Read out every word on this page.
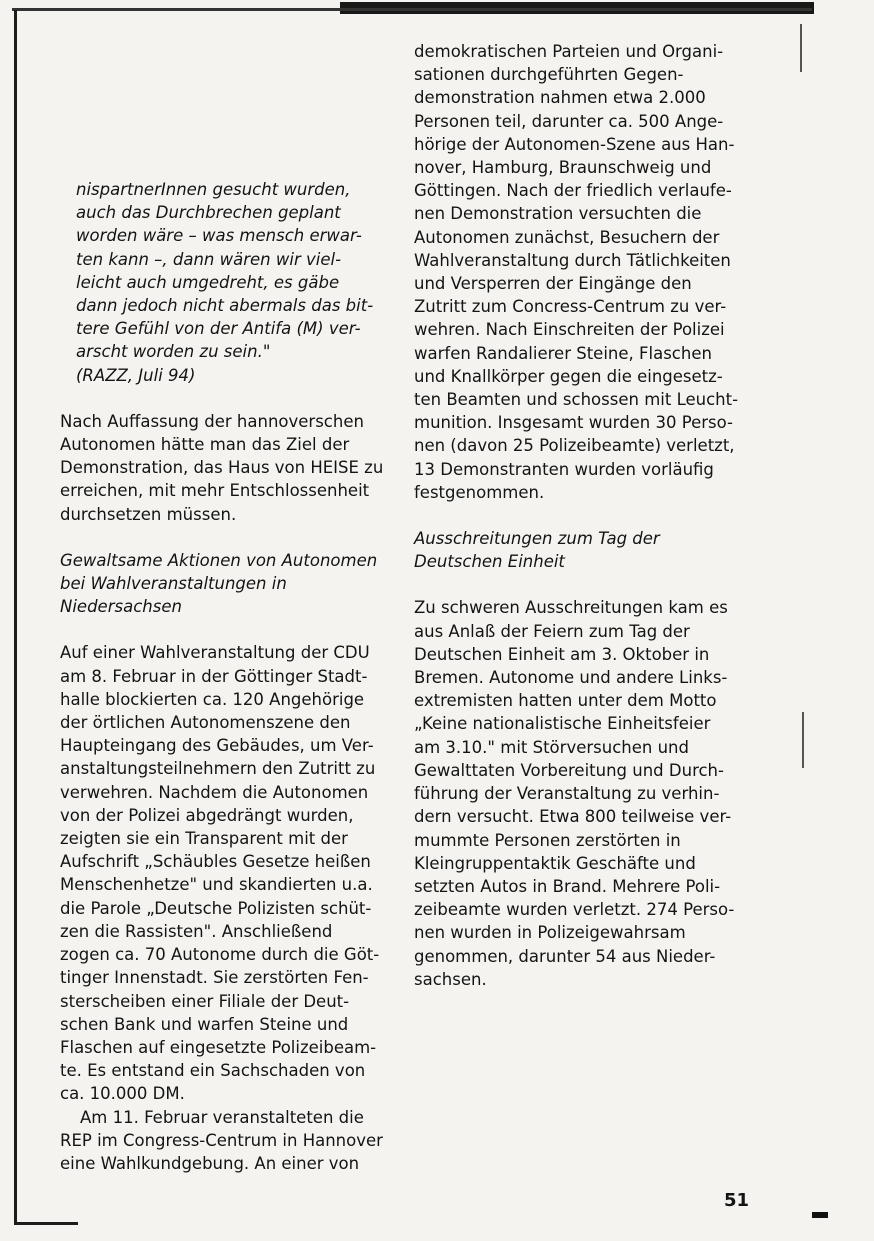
nispartnerInnen gesucht wurden,
auch das Durchbrechen geplant
worden wäre – was mensch erwar-
ten kann –, dann wären wir viel-
leicht auch umgedreht, es gäbe
dann jedoch nicht abermals das bit-
tere Gefühl von der Antifa (M) ver-
arscht worden zu sein."
(RAZZ, Juli 94)

Nach Auffassung der hannoverschen
Autonomen hätte man das Ziel der
Demonstration, das Haus von HEISE zu
erreichen, mit mehr Entschlossenheit
durchsetzen müssen.

Gewaltsame Aktionen von Autonomen
bei Wahlveranstaltungen in
Niedersachsen

Auf einer Wahlveranstaltung der CDU
am 8. Februar in der Göttinger Stadt-
halle blockierten ca. 120 Angehörige
der örtlichen Autonomenszene den
Haupteingang des Gebäudes, um Ver-
anstaltungsteilnehmern den Zutritt zu
verwehren. Nachdem die Autonomen
von der Polizei abgedrängt wurden,
zeigten sie ein Transparent mit der
Aufschrift „Schäubles Gesetze heißen
Menschenhetze" und skandierten u.a.
die Parole „Deutsche Polizisten schüt-
zen die Rassisten". Anschließend
zogen ca. 70 Autonome durch die Göt-
tinger Innenstadt. Sie zerstörten Fen-
sterscheiben einer Filiale der Deut-
schen Bank und warfen Steine und
Flaschen auf eingesetzte Polizeibeam-
te. Es entstand ein Sachschaden von
ca. 10.000 DM.

Am 11. Februar veranstalteten die
REP im Congress-Centrum in Hannover
eine Wahlkundgebung. An einer von

demokratischen Parteien und Organi-
sationen durchgeführten Gegen-
demonstration nahmen etwa 2.000
Personen teil, darunter ca. 500 Ange-
hörige der Autonomen-Szene aus Han-
nover, Hamburg, Braunschweig und
Göttingen. Nach der friedlich verlaufe-
nen Demonstration versuchten die
Autonomen zunächst, Besuchern der
Wahlveranstaltung durch Tätlichkeiten
und Versperren der Eingänge den
Zutritt zum Concress-Centrum zu ver-
wehren. Nach Einschreiten der Polizei
warfen Randalierer Steine, Flaschen
und Knallkörper gegen die eingesetz-
ten Beamten und schossen mit Leucht-
munition. Insgesamt wurden 30 Perso-
nen (davon 25 Polizeibeamte) verletzt,
13 Demonstranten wurden vorläufig
festgenommen.

Ausschreitungen zum Tag der
Deutschen Einheit

Zu schweren Ausschreitungen kam es
aus Anlaß der Feiern zum Tag der
Deutschen Einheit am 3. Oktober in
Bremen. Autonome und andere Links-
extremisten hatten unter dem Motto
„Keine nationalistische Einheitsfeier
am 3.10." mit Störversuchen und
Gewalttaten Vorbereitung und Durch-
führung der Veranstaltung zu verhin-
dern versucht. Etwa 800 teilweise ver-
mummte Personen zerstörten in
Kleingruppentaktik Geschäfte und
setzten Autos in Brand. Mehrere Poli-
zeibeamte wurden verletzt. 274 Perso-
nen wurden in Polizeigewahrsam
genommen, darunter 54 aus Nieder-
sachsen.

51
